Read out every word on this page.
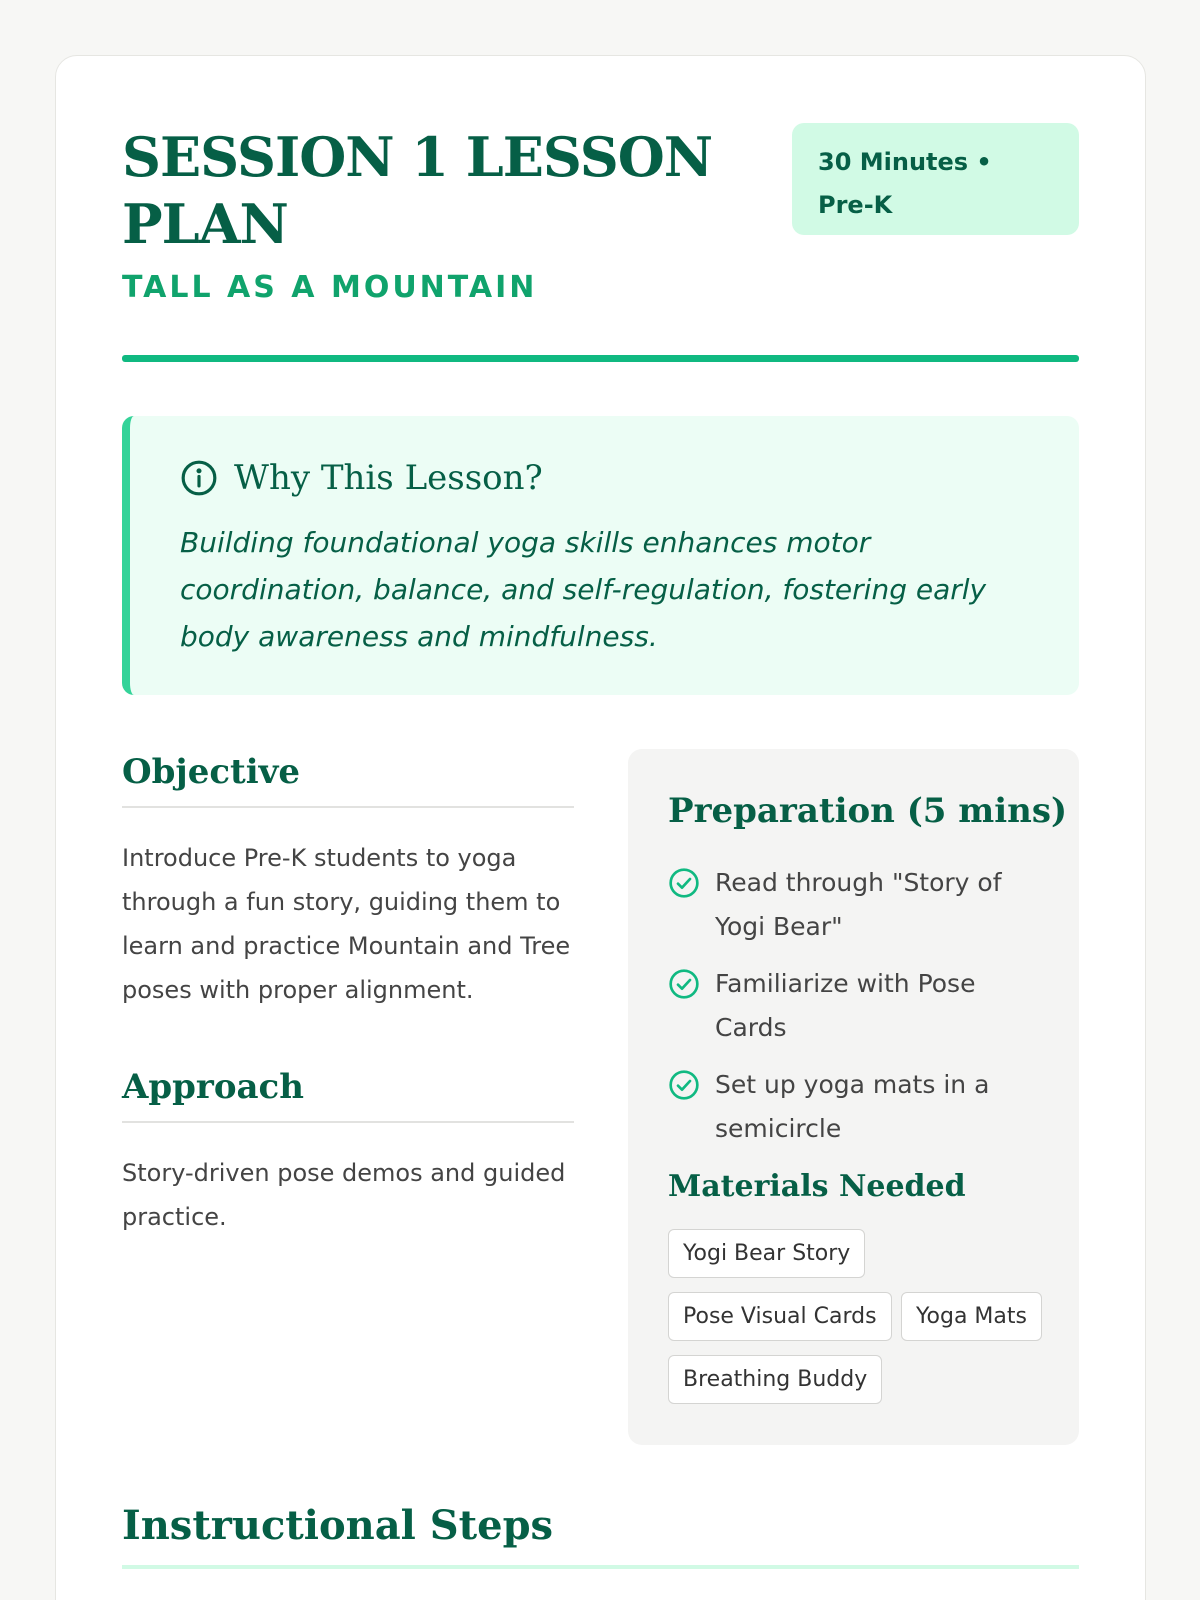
SESSION 1 LESSON PLAN
TALL AS A MOUNTAIN
30 Minutes • Pre-K
Why This Lesson?

Building foundational yoga skills enhances motor coordination, balance, and self-regulation, fostering early body awareness and mindfulness.

Objective

Introduce Pre-K students to yoga through a fun story, guiding them to learn and practice Mountain and Tree poses with proper alignment.

Approach

Story-driven pose demos and guided practice.

Preparation (5 mins)
Read through "Story of Yogi Bear"
Familiarize with Pose Cards
Set up yoga mats in a semicircle
Materials Needed
Yogi Bear Story
Pose Visual Cards	Yoga Mats
Breathing Buddy
Instructional Steps
